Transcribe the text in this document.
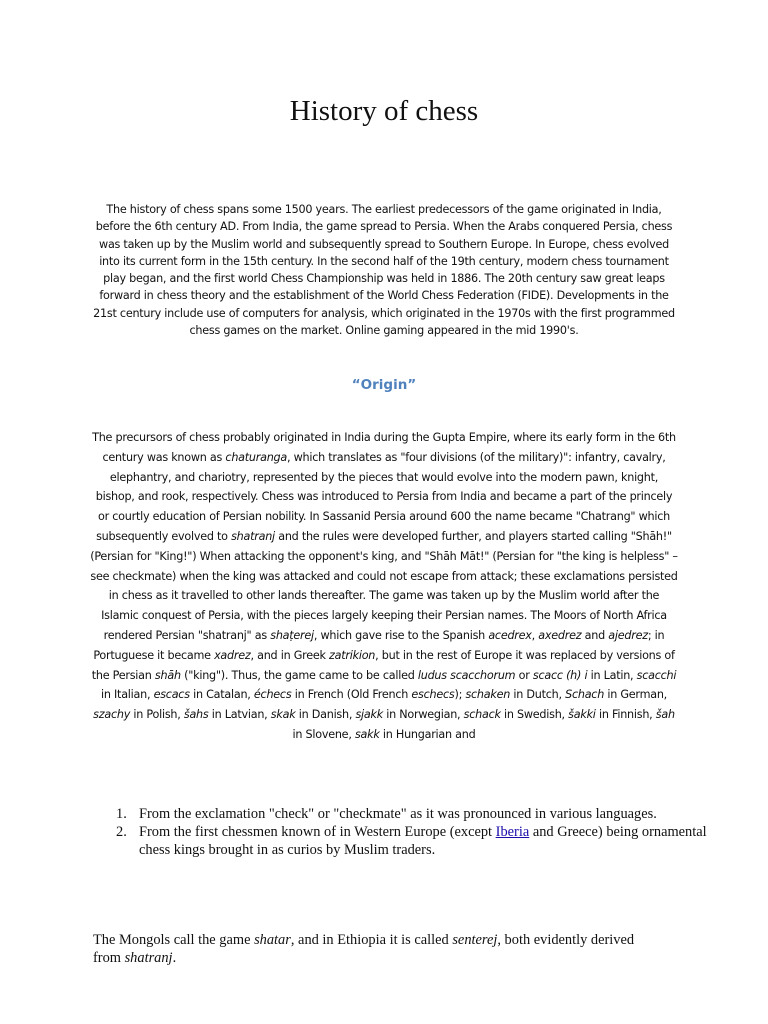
History of chess

The history of chess spans some 1500 years. The earliest predecessors of the game originated in India, before the 6th century AD. From India, the game spread to Persia. When the Arabs conquered Persia, chess was taken up by the Muslim world and subsequently spread to Southern Europe. In Europe, chess evolved into its current form in the 15th century. In the second half of the 19th century, modern chess tournament play began, and the first world Chess Championship was held in 1886. The 20th century saw great leaps forward in chess theory and the establishment of the World Chess Federation (FIDE). Developments in the 21st century include use of computers for analysis, which originated in the 1970s with the first programmed chess games on the market. Online gaming appeared in the mid 1990's.

“Origin”

The precursors of chess probably originated in India during the Gupta Empire, where its early form in the 6th century was known as chaturanga, which translates as "four divisions (of the military)": infantry, cavalry, elephantry, and chariotry, represented by the pieces that would evolve into the modern pawn, knight, bishop, and rook, respectively. Chess was introduced to Persia from India and became a part of the princely or courtly education of Persian nobility. In Sassanid Persia around 600 the name became "Chatrang" which subsequently evolved to shatranj and the rules were developed further, and players started calling "Shāh!" (Persian for "King!") When attacking the opponent's king, and "Shāh Māt!" (Persian for "the king is helpless" – see checkmate) when the king was attacked and could not escape from attack; these exclamations persisted in chess as it travelled to other lands thereafter. The game was taken up by the Muslim world after the Islamic conquest of Persia, with the pieces largely keeping their Persian names. The Moors of North Africa rendered Persian "shatranj" as shaṭerej, which gave rise to the Spanish acedrex, axedrez and ajedrez; in Portuguese it became xadrez, and in Greek zatrikion, but in the rest of Europe it was replaced by versions of the Persian shāh ("king"). Thus, the game came to be called ludus scacchorum or scacc (h) i in Latin, scacchi in Italian, escacs in Catalan, échecs in French (Old French eschecs); schaken in Dutch, Schach in German, szachy in Polish, šahs in Latvian, skak in Danish, sjakk in Norwegian, schack in Swedish, šakki in Finnish, šah in Slovene, sakk in Hungarian and

From the exclamation "check" or "checkmate" as it was pronounced in various languages.
From the first chessmen known of in Western Europe (except Iberia and Greece) being ornamental chess kings brought in as curios by Muslim traders.

The Mongols call the game shatar, and in Ethiopia it is called senterej, both evidently derived from shatranj.
